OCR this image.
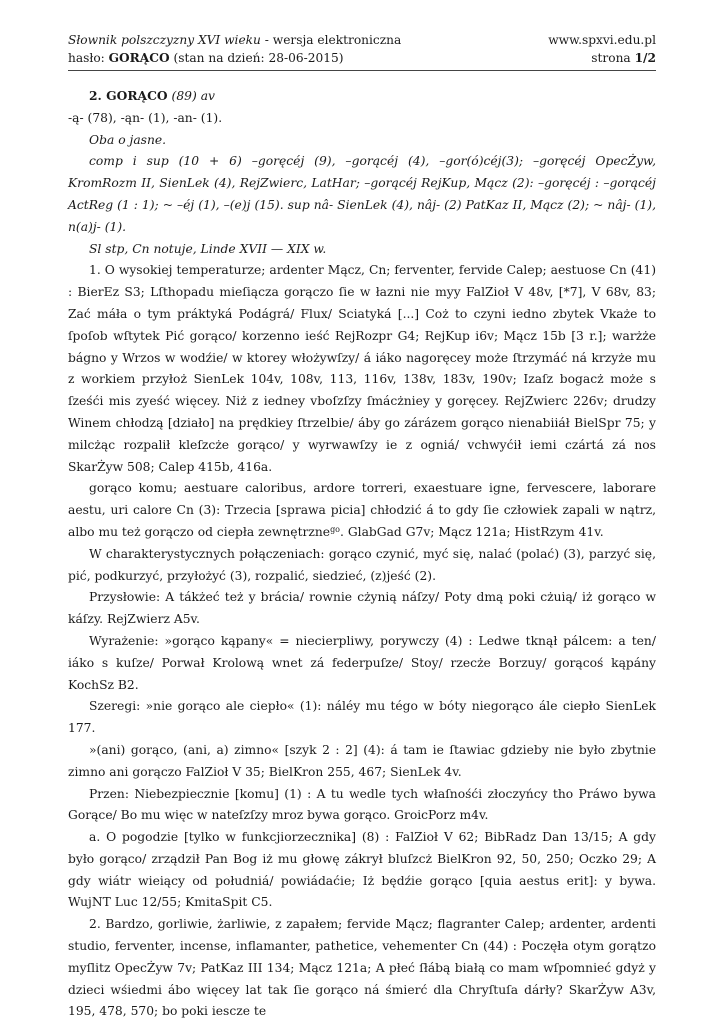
Słownik polszczyzny XVI wieku - wersja elektroniczna	www.spxvi.edu.pl
hasło: GORĄCO (stan na dzień: 28-06-2015)	strona 1/2

2. GORĄCO (89) av

-ą- (78), -ąn- (1), -an- (1).

Oba o jasne.

comp i sup (10 + 6) –goręcéj (9), –gorącéj (4), –gor(ó)céj(3); –goręcéj OpecŻyw, KromRozm II, SienLek (4), RejZwierc, LatHar; –gorącéj RejKup, Mącz (2): –goręcéj : –gorącéj ActReg (1 : 1); ~ –éj (1), –(e)j (15). sup nâ- SienLek (4), nâj- (2) PatKaz II, Mącz (2); ~ nâj- (1), n(a)j- (1).

Sl stp, Cn notuje, Linde XVII — XIX w.

1. O wysokiej temperaturze; ardenter Mącz, Cn; ferventer, fervide Calep; aestuose Cn (41) : BierEz S3; Lſthopadu mieſiącza gorączo ſie w łazni nie myy FalZioł V 48v, [*7], V 68v, 83; Zać máła o tym práktyká Podágrá/ Flux/ Sciatyká [...] Coż to czyni iedno zbytek Vkaże to ſpoſob wſtytek Pić gorąco/ korzenno ieść RejRozpr G4; RejKup i6v; Mącz 15b [3 r.]; warżże bágno y Wrzos w wodźie/ w ktorey włożywſzy/ á iáko nagoręcey może ſtrzymáć ná krzyże mu z workiem przyłoż SienLek 104v, 108v, 113, 116v, 138v, 183v, 190v; Izaſz bogacż może s ſześći mis zyeść więcey. Niż z iedney vboſzſzy ſmácżniey y goręcey. RejZwierc 226v; drudzy Winem chłodzą [działo] na prędkiey ſtrzelbie/ áby go zárázem gorąco nienabiiáł BielSpr 75; y milcżąc rozpalił kleſzcże gorąco/ y wyrwawſzy ie z ogniá/ vchwyćił iemi czártá zá nos SkarŻyw 508; Calep 415b, 416a.

gorąco komu; aestuare caloribus, ardore torreri, exaestuare igne, fervescere, laborare aestu, uri calore Cn (3): Trzecia [sprawa picia] chłodzić á to gdy ſie człowiek zapali w nątrz, albo mu też gorączo od ciepła zewnętrzne$^{go}$. GlabGad G7v; Mącz 121a; HistRzym 41v.

W charakterystycznych połączeniach: gorąco czynić, myć się, nalać (polać) (3), parzyć się, pić, podkurzyć, przyłożyć (3), rozpalić, siedzieć, (z)jeść (2).

Przysłowie: A tákżeć też y brácia/ rownie cżynią náſzy/ Poty dmą poki cżuią/ iż gorąco w káſzy. RejZwierz A5v.

Wyrażenie: »gorąco kąpany« = niecierpliwy, porywczy (4) : Ledwe tknął pálcem: a ten/ iáko s kuſze/ Porwał Krolową wnet zá federpuſze/ Stoy/ rzecże Borzuy/ gorącoś kąpány KochSz B2.

Szeregi: »nie gorąco ale ciepło« (1): náléy mu tégo w bóty niegorąco ále ciepło SienLek 177.

»(ani) gorąco, (ani, a) zimno« [szyk 2 : 2] (4): á tam ie ſtawiac gdzieby nie było zbytnie zimno ani gorączo FalZioł V 35; BielKron 255, 467; SienLek 4v.

Przen: Niebezpiecznie [komu] (1) : A tu wedle tych właſnośći złoczyńcy tho Práwo bywa Gorące/ Bo mu więc w nateſzſzy mroz bywa gorąco. GroicPorz m4v.

a. O pogodzie [tylko w funkcjiorzecznika] (8) : FalZioł V 62; BibRadz Dan 13/15; A gdy było gorąco/ zrządził Pan Bog iż mu głowę zákrył bluſzcż BielKron 92, 50, 250; Oczko 29; A gdy wiátr wieiący od południá/ powiádaćie; Iż będźie gorąco [quia aestus erit]: y bywa. WujNT Luc 12/55; KmitaSpit C5.

2. Bardzo, gorliwie, żarliwie, z zapałem; fervide Mącz; flagranter Calep; ardenter, ardenti studio, ferventer, incense, inflamanter, pathetice, vehementer Cn (44) : Poczęła otym gorątzo myſlitz OpecŻyw 7v; PatKaz III 134; Mącz 121a; A płeć ſłábą białą co mam wſpomnieć gdyż y dzieci wśiedmi ábo więcey lat tak ſie gorąco ná śmierć dla Chryſtuſa dárły? SkarŻyw A3v, 195, 478, 570; bo poki iescze te
